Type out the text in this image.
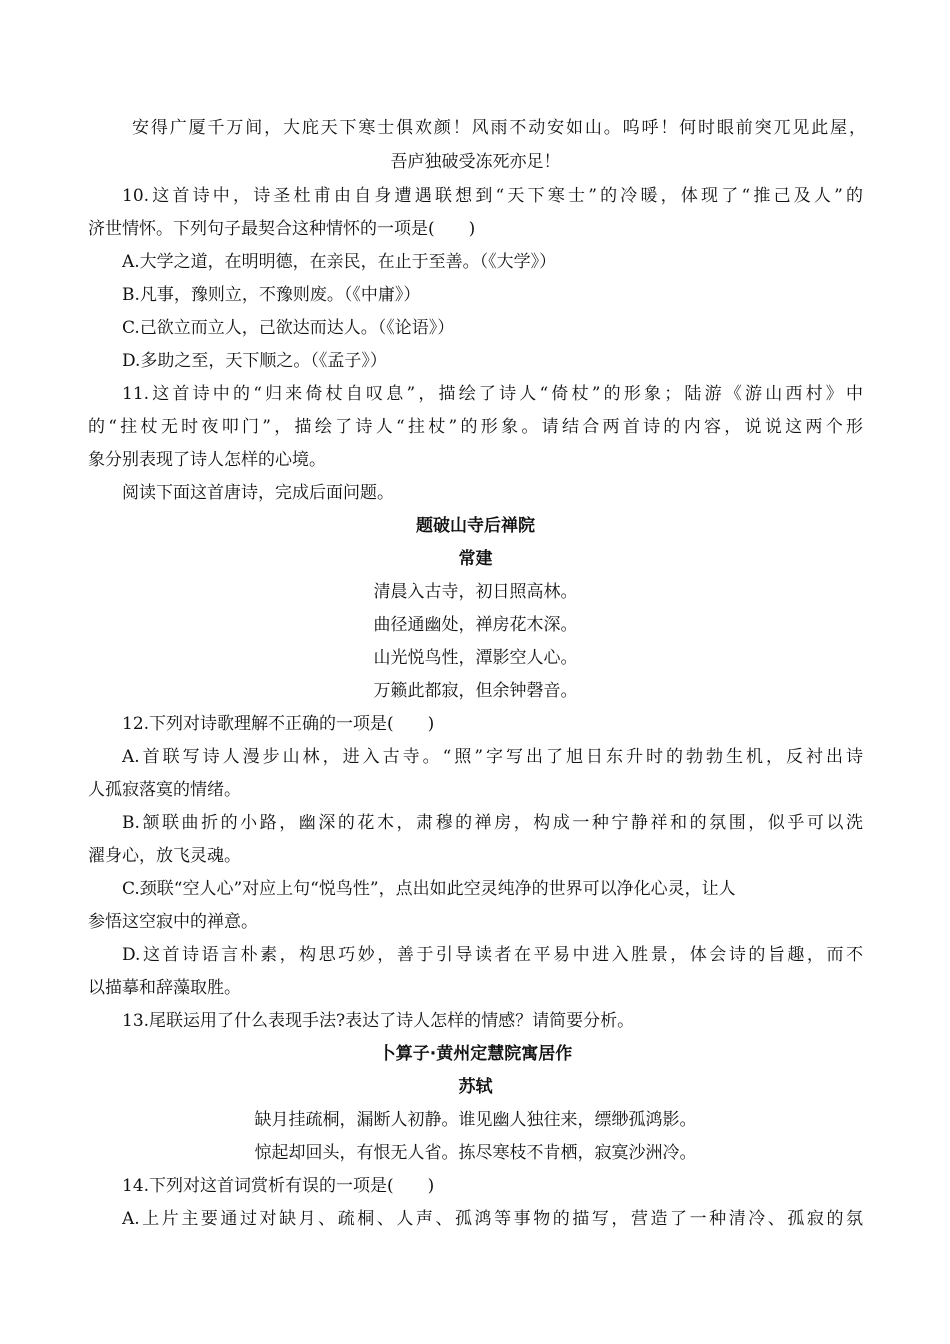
安得广厦千万间，大庇天下寒士俱欢颜！风雨不动安如山。呜呼！何时眼前突兀见此屋，
吾庐独破受冻死亦足！
10.这首诗中，诗圣杜甫由自身遭遇联想到“天下寒士”的冷暖，体现了“推己及人”的
济世情怀。下列句子最契合这种情怀的一项是(　　)
A.大学之道，在明明德，在亲民，在止于至善。（《大学》）
B.凡事，豫则立，不豫则废。（《中庸》）
C.己欲立而立人，己欲达而达人。（《论语》）
D.多助之至，天下顺之。（《孟子》）
11.这首诗中的“归来倚杖自叹息”，描绘了诗人“倚杖”的形象；陆游《游山西村》中
的“拄杖无时夜叩门”，描绘了诗人“拄杖”的形象。请结合两首诗的内容，说说这两个形
象分别表现了诗人怎样的心境。
阅读下面这首唐诗，完成后面问题。
题破山寺后禅院
常建
清晨入古寺，初日照高林。
曲径通幽处，禅房花木深。
山光悦鸟性，潭影空人心。
万籁此都寂，但余钟磬音。
12.下列对诗歌理解不正确的一项是(　　)
A.首联写诗人漫步山林，进入古寺。“照”字写出了旭日东升时的勃勃生机，反衬出诗
人孤寂落寞的情绪。
B.颔联曲折的小路，幽深的花木，肃穆的禅房，构成一种宁静祥和的氛围，似乎可以洗
濯身心，放飞灵魂。
C.颈联“空人心”对应上句“悦鸟性”，点出如此空灵纯净的世界可以净化心灵，让人
参悟这空寂中的禅意。
D.这首诗语言朴素，构思巧妙，善于引导读者在平易中进入胜景，体会诗的旨趣，而不
以描摹和辞藻取胜。
13.尾联运用了什么表现手法?表达了诗人怎样的情感？请简要分析。
卜算子·黄州定慧院寓居作
苏轼
缺月挂疏桐，漏断人初静。谁见幽人独往来，缥缈孤鸿影。
惊起却回头，有恨无人省。拣尽寒枝不肯栖，寂寞沙洲冷。
14.下列对这首词赏析有误的一项是(　　)
A.上片主要通过对缺月、疏桐、人声、孤鸿等事物的描写，营造了一种清冷、孤寂的氛
